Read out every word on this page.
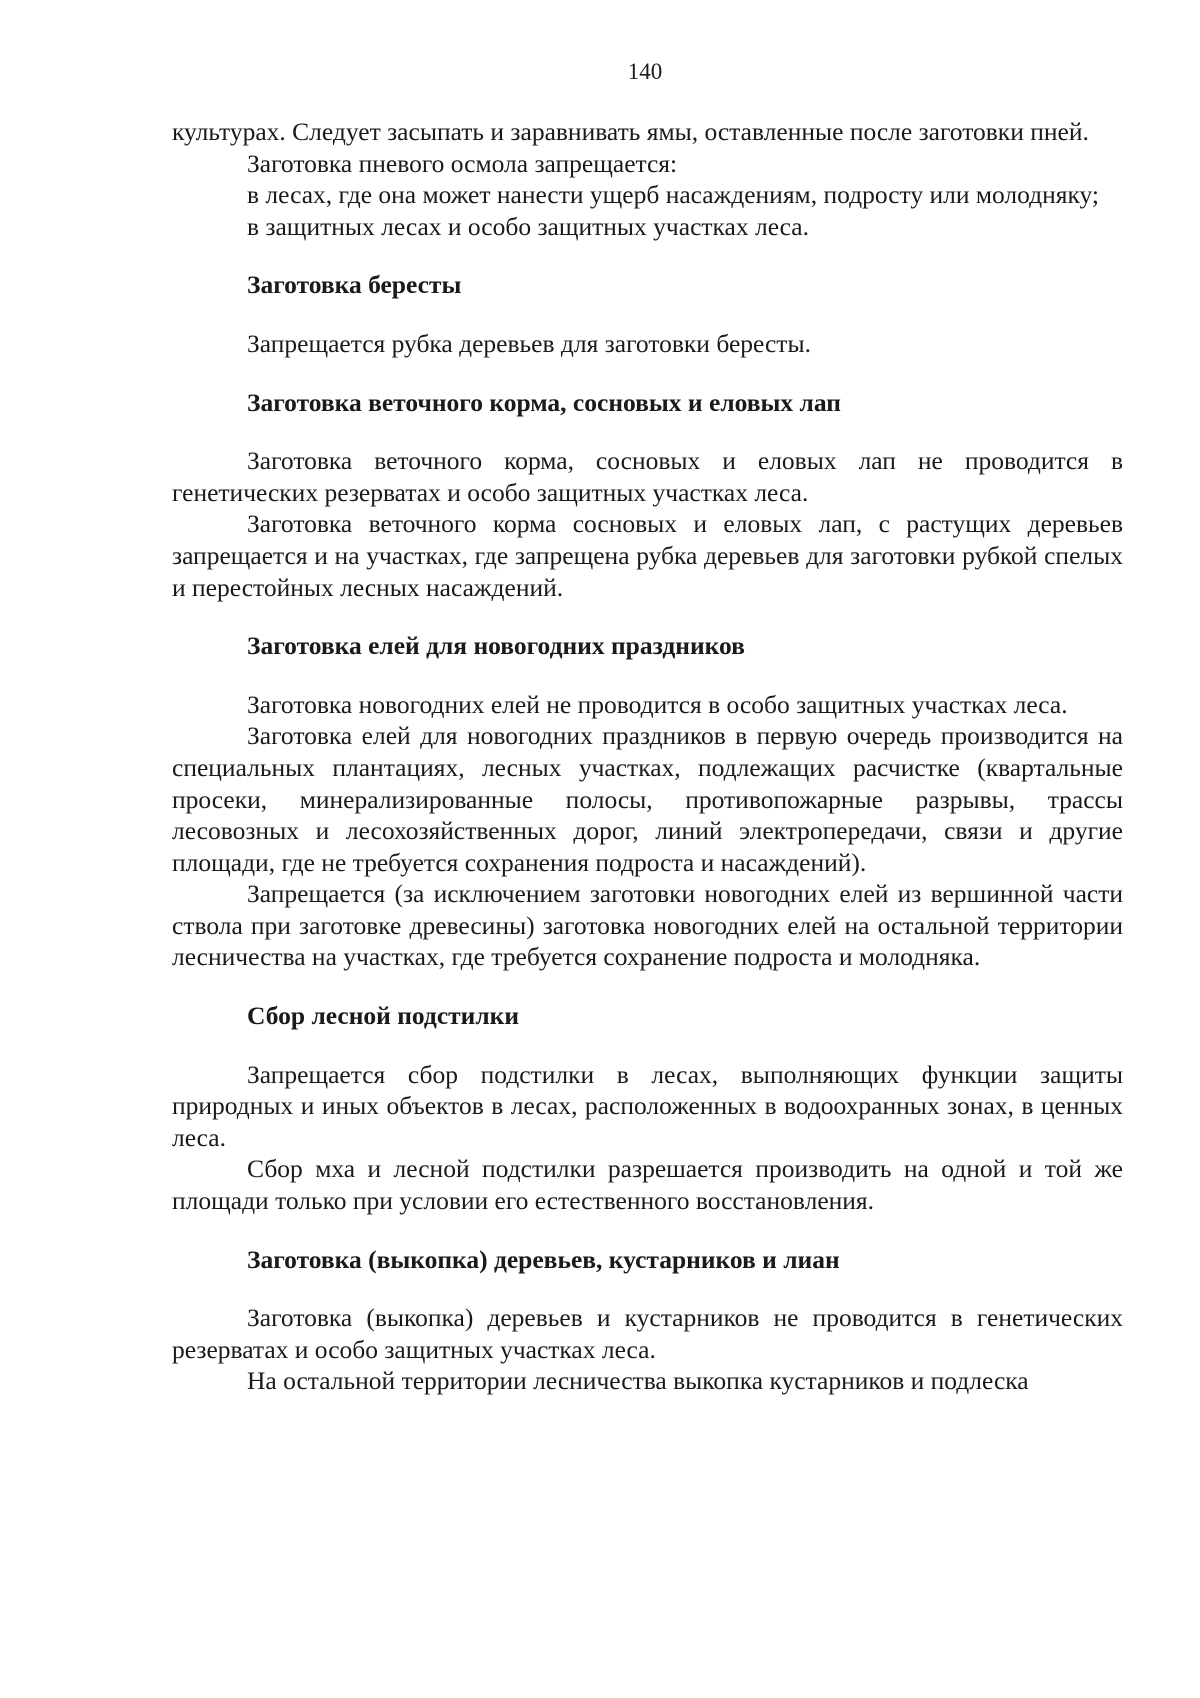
140

культурах. Следует засыпать и заравнивать ямы, оставленные после заготовки пней.

Заготовка пневого осмола запрещается:

в лесах, где она может нанести ущерб насаждениям, подросту или молодняку;

в защитных лесах и особо защитных участках леса.

Заготовка бересты

Запрещается рубка деревьев для заготовки бересты.

Заготовка веточного корма, сосновых и еловых лап

Заготовка веточного корма, сосновых и еловых лап не проводится в генетических резерватах и особо защитных участках леса.

Заготовка веточного корма сосновых и еловых лап, с растущих деревьев запрещается и на участках, где запрещена рубка деревьев для заготовки рубкой спелых и перестойных лесных насаждений.

Заготовка елей для новогодних праздников

Заготовка новогодних елей не проводится в особо защитных участках леса.

Заготовка елей для новогодних праздников в первую очередь производится на специальных плантациях, лесных участках, подлежащих расчистке (квартальные просеки, минерализированные полосы, противопожарные разрывы, трассы лесовозных и лесохозяйственных дорог, линий электропередачи, связи и другие площади, где не требуется сохранения подроста и насаждений).

Запрещается (за исключением заготовки новогодних елей из вершинной части ствола при заготовке древесины) заготовка новогодних елей на остальной территории лесничества на участках, где требуется сохранение подроста и молодняка.

Сбор лесной подстилки

Запрещается сбор подстилки в лесах, выполняющих функции защиты природных и иных объектов в лесах, расположенных в водоохранных зонах, в ценных леса.

Сбор мха и лесной подстилки разрешается производить на одной и той же площади только при условии его естественного восстановления.

Заготовка (выкопка) деревьев, кустарников и лиан

Заготовка (выкопка) деревьев и кустарников не проводится в генетических резерватах и особо защитных участках леса.

На остальной территории лесничества выкопка кустарников и подлеска
